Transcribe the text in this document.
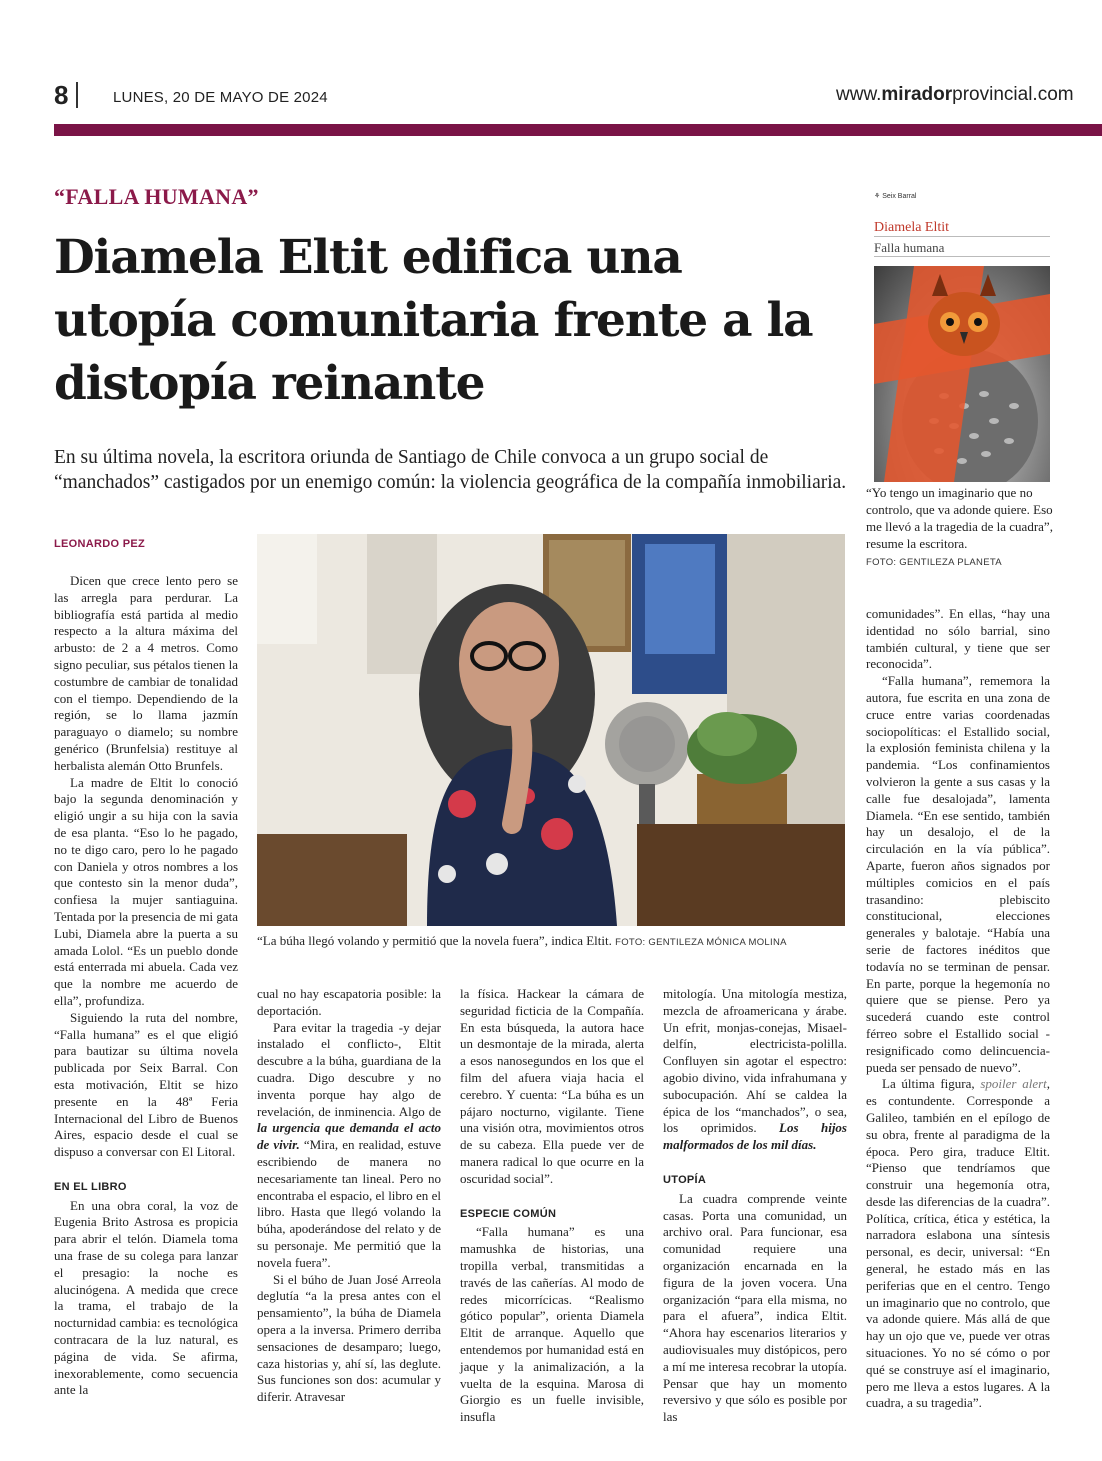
8	LUNES, 20 DE MAYO DE 2024	www.miradorprovincial.com
“FALLA HUMANA”
Diamela Eltit edifica una utopía comunitaria frente a la distopía reinante

En su última novela, la escritora oriunda de Santiago de Chile convoca a un grupo social de “manchados” castigados por un enemigo común: la violencia geográfica de la compañía inmobiliaria.

⚘ Seix Barral
Diamela Eltit
Falla humana

“Yo tengo un imaginario que no controlo, que va adonde quiere. Eso me llevó a la tragedia de la cuadra”, resume la escritora.
FOTO: GENTILEZA PLANETA

LEONARDO PEZ
“La búha llegó volando y permitió que la novela fuera”, indica Eltit. FOTO: GENTILEZA MÓNICA MOLINA

Dicen que crece lento pero se las arregla para perdurar. La bibliografía está partida al medio respecto a la altura máxima del arbusto: de 2 a 4 metros. Como signo peculiar, sus pétalos tienen la costumbre de cambiar de tonalidad con el tiempo. Dependiendo de la región, se lo llama jazmín paraguayo o diamelo; su nombre genérico (Brunfelsia) restituye al herbalista alemán Otto Brunfels.

La madre de Eltit lo conoció bajo la segunda denominación y eligió ungir a su hija con la savia de esa planta. “Eso lo he pagado, no te digo caro, pero lo he pagado con Daniela y otros nombres a los que contesto sin la menor duda”, confiesa la mujer santiaguina. Tentada por la presencia de mi gata Lubi, Diamela abre la puerta a su amada Lolol. “Es un pueblo donde está enterrada mi abuela. Cada vez que la nombre me acuerdo de ella”, profundiza.

Siguiendo la ruta del nombre, “Falla humana” es el que eligió para bautizar su última novela publicada por Seix Barral. Con esta motivación, Eltit se hizo presente en la 48ª Feria Internacional del Libro de Buenos Aires, espacio desde el cual se dispuso a conversar con El Litoral.

EN EL LIBRO

En una obra coral, la voz de Eugenia Brito Astrosa es propicia para abrir el telón. Diamela toma una frase de su colega para lanzar el presagio: la noche es alucinógena. A medida que crece la trama, el trabajo de la nocturnidad cambia: es tecnológica contracara de la luz natural, es página de vida. Se afirma, inexorablemente, como secuencia ante la

cual no hay escapatoria posible: la deportación.

Para evitar la tragedia -y dejar instalado el conflicto-, Eltit descubre a la búha, guardiana de la cuadra. Digo descubre y no inventa porque hay algo de revelación, de inminencia. Algo de la urgencia que demanda el acto de vivir. “Mira, en realidad, estuve escribiendo de manera no necesariamente tan lineal. Pero no encontraba el espacio, el libro en el libro. Hasta que llegó volando la búha, apoderándose del relato y de su personaje. Me permitió que la novela fuera”.

Si el búho de Juan José Arreola deglutía “a la presa antes con el pensamiento”, la búha de Diamela opera a la inversa. Primero derriba sensaciones de desamparo; luego, caza historias y, ahí sí, las deglute. Sus funciones son dos: acumular y diferir. Atravesar

la física. Hackear la cámara de seguridad ficticia de la Compañía. En esta búsqueda, la autora hace un desmontaje de la mirada, alerta a esos nanosegundos en los que el film del afuera viaja hacia el cerebro. Y cuenta: “La búha es un pájaro nocturno, vigilante. Tiene una visión otra, movimientos otros de su cabeza. Ella puede ver de manera radical lo que ocurre en la oscuridad social”.

ESPECIE COMÚN

“Falla humana” es una mamushka de historias, una tropilla verbal, transmitidas a través de las cañerías. Al modo de redes micorrícicas. “Realismo gótico popular”, orienta Diamela Eltit de arranque. Aquello que entendemos por humanidad está en jaque y la animalización, a la vuelta de la esquina. Marosa di Giorgio es un fuelle invisible, insufla

mitología. Una mitología mestiza, mezcla de afroamericana y árabe. Un efrit, monjas-conejas, Misael-delfín, electricista-polilla. Confluyen sin agotar el espectro: agobio divino, vida infrahumana y subocupación. Ahí se caldea la épica de los “manchados”, o sea, los oprimidos. Los hijos malformados de los mil días.

UTOPÍA

La cuadra comprende veinte casas. Porta una comunidad, un archivo oral. Para funcionar, esa comunidad requiere una organización encarnada en la figura de la joven vocera. Una organización “para ella misma, no para el afuera”, indica Eltit. “Ahora hay escenarios literarios y audiovisuales muy distópicos, pero a mí me interesa recobrar la utopía. Pensar que hay un momento reversivo y que sólo es posible por las

comunidades”. En ellas, “hay una identidad no sólo barrial, sino también cultural, y tiene que ser reconocida”.

“Falla humana”, rememora la autora, fue escrita en una zona de cruce entre varias coordenadas sociopolíticas: el Estallido social, la explosión feminista chilena y la pandemia. “Los confinamientos volvieron la gente a sus casas y la calle fue desalojada”, lamenta Diamela. “En ese sentido, también hay un desalojo, el de la circulación en la vía pública”. Aparte, fueron años signados por múltiples comicios en el país trasandino: plebiscito constitucional, elecciones generales y balotaje. “Había una serie de factores inéditos que todavía no se terminan de pensar. En parte, porque la hegemonía no quiere que se piense. Pero ya sucederá cuando este control férreo sobre el Estallido social -resignificado como delincuencia- pueda ser pensado de nuevo”.

La última figura, spoiler alert, es contundente. Corresponde a Galileo, también en el epílogo de su obra, frente al paradigma de la época. Pero gira, traduce Eltit. “Pienso que tendríamos que construir una hegemonía otra, desde las diferencias de la cuadra”. Política, crítica, ética y estética, la narradora eslabona una síntesis personal, es decir, universal: “En general, he estado más en las periferias que en el centro. Tengo un imaginario que no controlo, que va adonde quiere. Más allá de que hay un ojo que ve, puede ver otras situaciones. Yo no sé cómo o por qué se construye así el imaginario, pero me lleva a estos lugares. A la cuadra, a su tragedia”.
